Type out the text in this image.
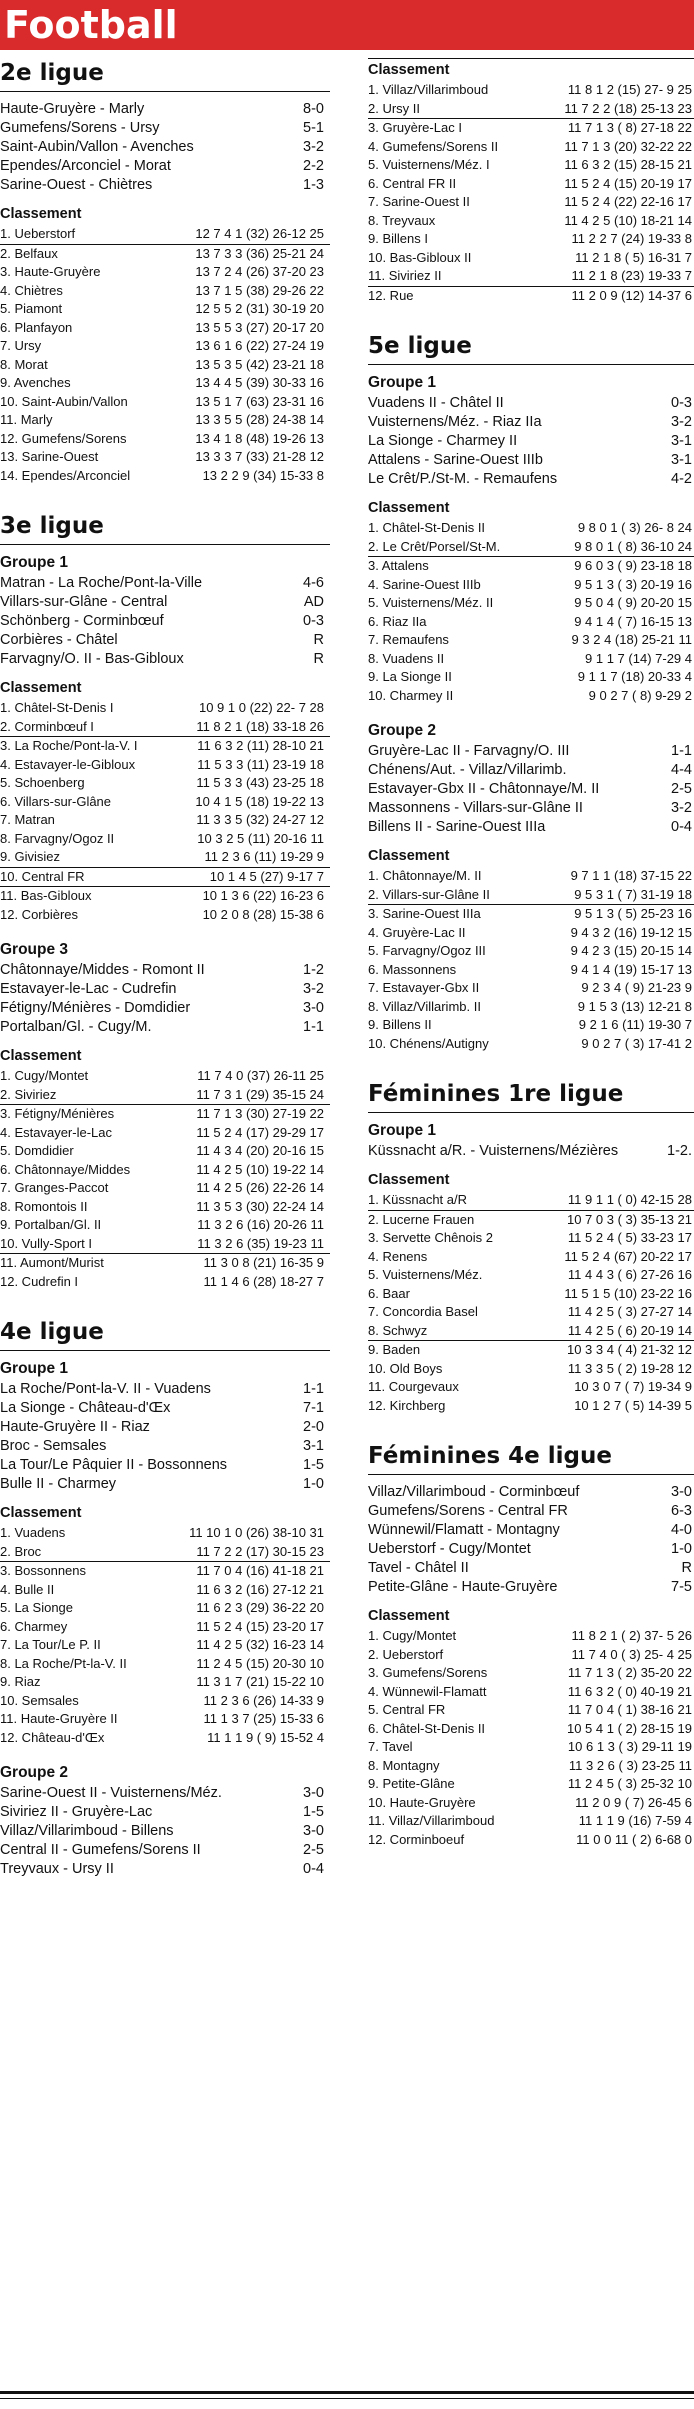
Football
2e ligue
Haute-Gruyère - Marly	8-0
Gumefens/Sorens - Ursy	5-1
Saint-Aubin/Vallon - Avenches	3-2
Ependes/Arconciel - Morat	2-2
Sarine-Ouest - Chiètres	1-3
Classement
1. Ueberstorf	12 7 4 1 (32) 26-12 25
2. Belfaux	13 7 3 3 (36) 25-21 24
3. Haute-Gruyère	13 7 2 4 (26) 37-20 23
4. Chiètres	13 7 1 5 (38) 29-26 22
5. Piamont	12 5 5 2 (31) 30-19 20
6. Planfayon	13 5 5 3 (27) 20-17 20
7. Ursy	13 6 1 6 (22) 27-24 19
8. Morat	13 5 3 5 (42) 23-21 18
9. Avenches	13 4 4 5 (39) 30-33 16
10. Saint-Aubin/Vallon	13 5 1 7 (63) 23-31 16
11. Marly	13 3 5 5 (28) 24-38 14
12. Gumefens/Sorens	13 4 1 8 (48) 19-26 13
13. Sarine-Ouest	13 3 3 7 (33) 21-28 12
14. Ependes/Arconciel	13 2 2 9 (34) 15-33 8
3e ligue
Groupe 1
Matran - La Roche/Pont-la-Ville	4-6
Villars-sur-Glâne - Central	AD
Schönberg - Corminbœuf	0-3
Corbières - Châtel	R
Farvagny/O. II - Bas-Gibloux	R
Classement
1. Châtel-St-Denis I	10 9 1 0 (22) 22- 7 28
2. Corminbœuf I	11 8 2 1 (18) 33-18 26
3. La Roche/Pont-la-V. I	11 6 3 2 (11) 28-10 21
4. Estavayer-le-Gibloux	11 5 3 3 (11) 23-19 18
5. Schoenberg	11 5 3 3 (43) 23-25 18
6. Villars-sur-Glâne	10 4 1 5 (18) 19-22 13
7. Matran	11 3 3 5 (32) 24-27 12
8. Farvagny/Ogoz II	10 3 2 5 (11) 20-16 11
9. Givisiez	11 2 3 6 (11) 19-29 9
10. Central FR	10 1 4 5 (27) 9-17 7
11. Bas-Gibloux	10 1 3 6 (22) 16-23 6
12. Corbières	10 2 0 8 (28) 15-38 6
Groupe 3
Châtonnaye/Middes - Romont II	1-2
Estavayer-le-Lac - Cudrefin	3-2
Fétigny/Ménières - Domdidier	3-0
Portalban/Gl. - Cugy/M.	1-1
Classement
1. Cugy/Montet	11 7 4 0 (37) 26-11 25
2. Siviriez	11 7 3 1 (29) 35-15 24
3. Fétigny/Ménières	11 7 1 3 (30) 27-19 22
4. Estavayer-le-Lac	11 5 2 4 (17) 29-29 17
5. Domdidier	11 4 3 4 (20) 20-16 15
6. Châtonnaye/Middes	11 4 2 5 (10) 19-22 14
7. Granges-Paccot	11 4 2 5 (26) 22-26 14
8. Romontois II	11 3 5 3 (30) 22-24 14
9. Portalban/Gl. II	11 3 2 6 (16) 20-26 11
10. Vully-Sport I	11 3 2 6 (35) 19-23 11
11. Aumont/Murist	11 3 0 8 (21) 16-35 9
12. Cudrefin I	11 1 4 6 (28) 18-27 7
4e ligue
Groupe 1
La Roche/Pont-la-V. II - Vuadens	1-1
La Sionge - Château-d'Œx	7-1
Haute-Gruyère II - Riaz	2-0
Broc - Semsales	3-1
La Tour/Le Pâquier II - Bossonnens	1-5
Bulle II - Charmey	1-0
Classement
1. Vuadens	11 10 1 0 (26) 38-10 31
2. Broc	11 7 2 2 (17) 30-15 23
3. Bossonnens	11 7 0 4 (16) 41-18 21
4. Bulle II	11 6 3 2 (16) 27-12 21
5. La Sionge	11 6 2 3 (29) 36-22 20
6. Charmey	11 5 2 4 (15) 23-20 17
7. La Tour/Le P. II	11 4 2 5 (32) 16-23 14
8. La Roche/Pt-la-V. II	11 2 4 5 (15) 20-30 10
9. Riaz	11 3 1 7 (21) 15-22 10
10. Semsales	11 2 3 6 (26) 14-33 9
11. Haute-Gruyère II	11 1 3 7 (25) 15-33 6
12. Château-d'Œx	11 1 1 9 ( 9) 15-52 4
Groupe 2
Sarine-Ouest II - Vuisternens/Méz.	3-0
Siviriez II - Gruyère-Lac	1-5
Villaz/Villarimboud - Billens	3-0
Central II - Gumefens/Sorens II	2-5
Treyvaux - Ursy II	0-4
Classement
1. Villaz/Villarimboud	11 8 1 2 (15) 27- 9 25
2. Ursy II	11 7 2 2 (18) 25-13 23
3. Gruyère-Lac I	11 7 1 3 ( 8) 27-18 22
4. Gumefens/Sorens II	11 7 1 3 (20) 32-22 22
5. Vuisternens/Méz. I	11 6 3 2 (15) 28-15 21
6. Central FR II	11 5 2 4 (15) 20-19 17
7. Sarine-Ouest II	11 5 2 4 (22) 22-16 17
8. Treyvaux	11 4 2 5 (10) 18-21 14
9. Billens I	11 2 2 7 (24) 19-33 8
10. Bas-Gibloux II	11 2 1 8 ( 5) 16-31 7
11. Siviriez II	11 2 1 8 (23) 19-33 7
12. Rue	11 2 0 9 (12) 14-37 6
5e ligue
Groupe 1
Vuadens II - Châtel II	0-3
Vuisternens/Méz. - Riaz IIa	3-2
La Sionge - Charmey II	3-1
Attalens - Sarine-Ouest IIIb	3-1
Le Crêt/P./St-M. - Remaufens	4-2
Classement
1. Châtel-St-Denis II	9 8 0 1 ( 3) 26- 8 24
2. Le Crêt/Porsel/St-M.	9 8 0 1 ( 8) 36-10 24
3. Attalens	9 6 0 3 ( 9) 23-18 18
4. Sarine-Ouest IIIb	9 5 1 3 ( 3) 20-19 16
5. Vuisternens/Méz. II	9 5 0 4 ( 9) 20-20 15
6. Riaz IIa	9 4 1 4 ( 7) 16-15 13
7. Remaufens	9 3 2 4 (18) 25-21 11
8. Vuadens II	9 1 1 7 (14) 7-29 4
9. La Sionge II	9 1 1 7 (18) 20-33 4
10. Charmey II	9 0 2 7 ( 8) 9-29 2
Groupe 2
Gruyère-Lac II - Farvagny/O. III	1-1
Chénens/Aut. - Villaz/Villarimb.	4-4
Estavayer-Gbx II - Châtonnaye/M. II	2-5
Massonnens - Villars-sur-Glâne II	3-2
Billens II - Sarine-Ouest IIIa	0-4
Classement
1. Châtonnaye/M. II	9 7 1 1 (18) 37-15 22
2. Villars-sur-Glâne II	9 5 3 1 ( 7) 31-19 18
3. Sarine-Ouest IIIa	9 5 1 3 ( 5) 25-23 16
4. Gruyère-Lac II	9 4 3 2 (16) 19-12 15
5. Farvagny/Ogoz III	9 4 2 3 (15) 20-15 14
6. Massonnens	9 4 1 4 (19) 15-17 13
7. Estavayer-Gbx II	9 2 3 4 ( 9) 21-23 9
8. Villaz/Villarimb. II	9 1 5 3 (13) 12-21 8
9. Billens II	9 2 1 6 (11) 19-30 7
10. Chénens/Autigny	9 0 2 7 ( 3) 17-41 2
Féminines 1re ligue
Groupe 1
Küssnacht a/R. - Vuisternens/Mézières	1-2.
Classement
1. Küssnacht a/R	11 9 1 1 ( 0) 42-15 28
2. Lucerne Frauen	10 7 0 3 ( 3) 35-13 21
3. Servette Chênois 2	11 5 2 4 ( 5) 33-23 17
4. Renens	11 5 2 4 (67) 20-22 17
5. Vuisternens/Méz.	11 4 4 3 ( 6) 27-26 16
6. Baar	11 5 1 5 (10) 23-22 16
7. Concordia Basel	11 4 2 5 ( 3) 27-27 14
8. Schwyz	11 4 2 5 ( 6) 20-19 14
9. Baden	10 3 3 4 ( 4) 21-32 12
10. Old Boys	11 3 3 5 ( 2) 19-28 12
11. Courgevaux	10 3 0 7 ( 7) 19-34 9
12. Kirchberg	10 1 2 7 ( 5) 14-39 5
Féminines 4e ligue
Villaz/Villarimboud - Corminbœuf	3-0
Gumefens/Sorens - Central FR	6-3
Wünnewil/Flamatt - Montagny	4-0
Ueberstorf - Cugy/Montet	1-0
Tavel - Châtel II	R
Petite-Glâne - Haute-Gruyère	7-5
Classement
1. Cugy/Montet	11 8 2 1 ( 2) 37- 5 26
2. Ueberstorf	11 7 4 0 ( 3) 25- 4 25
3. Gumefens/Sorens	11 7 1 3 ( 2) 35-20 22
4. Wünnewil-Flamatt	11 6 3 2 ( 0) 40-19 21
5. Central FR	11 7 0 4 ( 1) 38-16 21
6. Châtel-St-Denis II	10 5 4 1 ( 2) 28-15 19
7. Tavel	10 6 1 3 ( 3) 29-11 19
8. Montagny	11 3 2 6 ( 3) 23-25 11
9. Petite-Glâne	11 2 4 5 ( 3) 25-32 10
10. Haute-Gruyère	11 2 0 9 ( 7) 26-45 6
11. Villaz/Villarimboud	11 1 1 9 (16) 7-59 4
12. Corminboeuf	11 0 0 11 ( 2) 6-68 0
